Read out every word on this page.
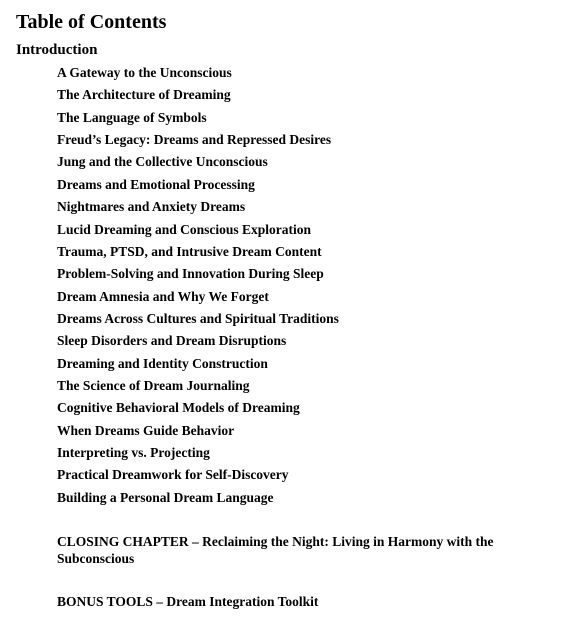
Table of Contents
Introduction
A Gateway to the Unconscious
The Architecture of Dreaming
The Language of Symbols
Freud’s Legacy: Dreams and Repressed Desires
Jung and the Collective Unconscious
Dreams and Emotional Processing
Nightmares and Anxiety Dreams
Lucid Dreaming and Conscious Exploration
Trauma, PTSD, and Intrusive Dream Content
Problem-Solving and Innovation During Sleep
Dream Amnesia and Why We Forget
Dreams Across Cultures and Spiritual Traditions
Sleep Disorders and Dream Disruptions
Dreaming and Identity Construction
The Science of Dream Journaling
Cognitive Behavioral Models of Dreaming
When Dreams Guide Behavior
Interpreting vs. Projecting
Practical Dreamwork for Self-Discovery
Building a Personal Dream Language
CLOSING CHAPTER – Reclaiming the Night: Living in Harmony with the Subconscious
BONUS TOOLS – Dream Integration Toolkit
